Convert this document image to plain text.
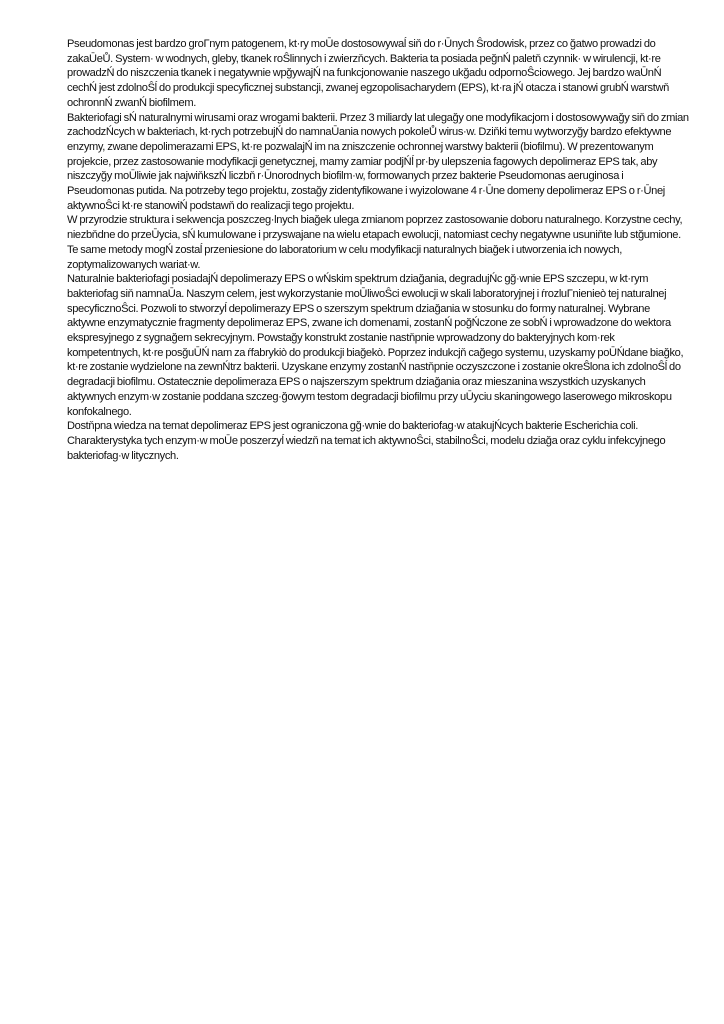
Pseudomonas jest bardzo groΓnym patogenem, kt·ry moŪe dostosowywaĺ siň do r·Ūnych Ŝrodowisk, przez co ğatwo prowadzi do zakaŪeŮ. System· w wodnych, gleby, tkanek roŜlinnych i zwierzňcych. Bakteria ta posiada peğnŃ paletň czynnik· w wirulencji, kt·re prowadzŃ do niszczenia tkanek i negatywnie wpğywajŃ na funkcjonowanie naszego ukğadu odpornoŜciowego. Jej bardzo waŪnŃ cechŃ jest zdolnoŜĺ do produkcji specyficznej substancji, zwanej egzopolisacharydem (EPS), kt·ra jŃ otacza i stanowi grubŃ warstwň ochronnŃ zwanŃ biofilmem.

Bakteriofagi sŃ naturalnymi wirusami oraz wrogami bakterii. Przez 3 miliardy lat ulegağy one modyfikacjom i dostosowywağy siň do zmian zachodzŃcych w bakteriach, kt·rych potrzebujŃ do namnaŪania nowych pokoleŮ wirus·w. Dziňki temu wytworzyğy bardzo efektywne enzymy, zwane depolimerazami EPS, kt·re pozwalajŃ im na zniszczenie ochronnej warstwy bakterii (biofilmu). W prezentowanym projekcie, przez zastosowanie modyfikacji genetycznej, mamy zamiar podjŃĺ pr·by ulepszenia fagowych depolimeraz EPS tak, aby niszczyğy moŪliwie jak najwiňkszŃ liczbň r·Ūnorodnych biofilm·w, formowanych przez bakterie Pseudomonas aeruginosa i Pseudomonas putida. Na potrzeby tego projektu, zostağy zidentyfikowane i wyizolowane 4 r·Ūne domeny depolimeraz EPS o r·Ūnej aktywnoŜci kt·re stanowiŃ podstawň do realizacji tego projektu.

W przyrodzie struktura i sekwencja poszczeg·lnych biağek ulega zmianom poprzez zastosowanie doboru naturalnego. Korzystne cechy, niezbňdne do przeŪycia, sŃ kumulowane i przyswajane na wielu etapach ewolucji, natomiast cechy negatywne usuniňte lub stğumione. Te same metody mogŃ zostaĺ przeniesione do laboratorium w celu modyfikacji naturalnych biağek i utworzenia ich nowych, zoptymalizowanych wariat·w.

Naturalnie bakteriofagi posiadajŃ depolimerazy EPS o wŃskim spektrum dziağania, degradujŃc gğ·wnie EPS szczepu, w kt·rym bakteriofag siň namnaŪa. Naszym celem, jest wykorzystanie moŪliwoŜci ewolucji w skali laboratoryjnej i ŕrozluΓnienieò tej naturalnej specyficznoŜci. Pozwoli to stworzyĺ depolimerazy EPS o szerszym spektrum dziağania w stosunku do formy naturalnej. Wybrane aktywne enzymatycznie fragmenty depolimeraz EPS, zwane ich domenami, zostanŃ poğŃczone ze sobŃ i wprowadzone do wektora ekspresyjnego z sygnağem sekrecyjnym. Powstağy konstrukt zostanie nastňpnie wprowadzony do bakteryjnych kom·rek kompetentnych, kt·re posğuŪŃ nam za ŕfabrykiò do produkcji biağekò. Poprzez indukcjň cağego systemu, uzyskamy poŪŃdane biağko, kt·re zostanie wydzielone na zewnŃtrz bakterii. Uzyskane enzymy zostanŃ nastňpnie oczyszczone i zostanie okreŜlona ich zdolnoŜĺ do degradacji biofilmu. Ostatecznie depolimeraza EPS o najszerszym spektrum dziağania oraz mieszanina wszystkich uzyskanych aktywnych enzym·w zostanie poddana szczeg·ğowym testom degradacji biofilmu przy uŪyciu skaningowego laserowego mikroskopu konfokalnego.

Dostňpna wiedza na temat depolimeraz EPS jest ograniczona gğ·wnie do bakteriofag·w atakujŃcych bakterie Escherichia coli. Charakterystyka tych enzym·w moŪe poszerzyĺ wiedzň na temat ich aktywnoŜci, stabilnoŜci, modelu dziağa oraz cyklu infekcyjnego bakteriofag·w litycznych.
